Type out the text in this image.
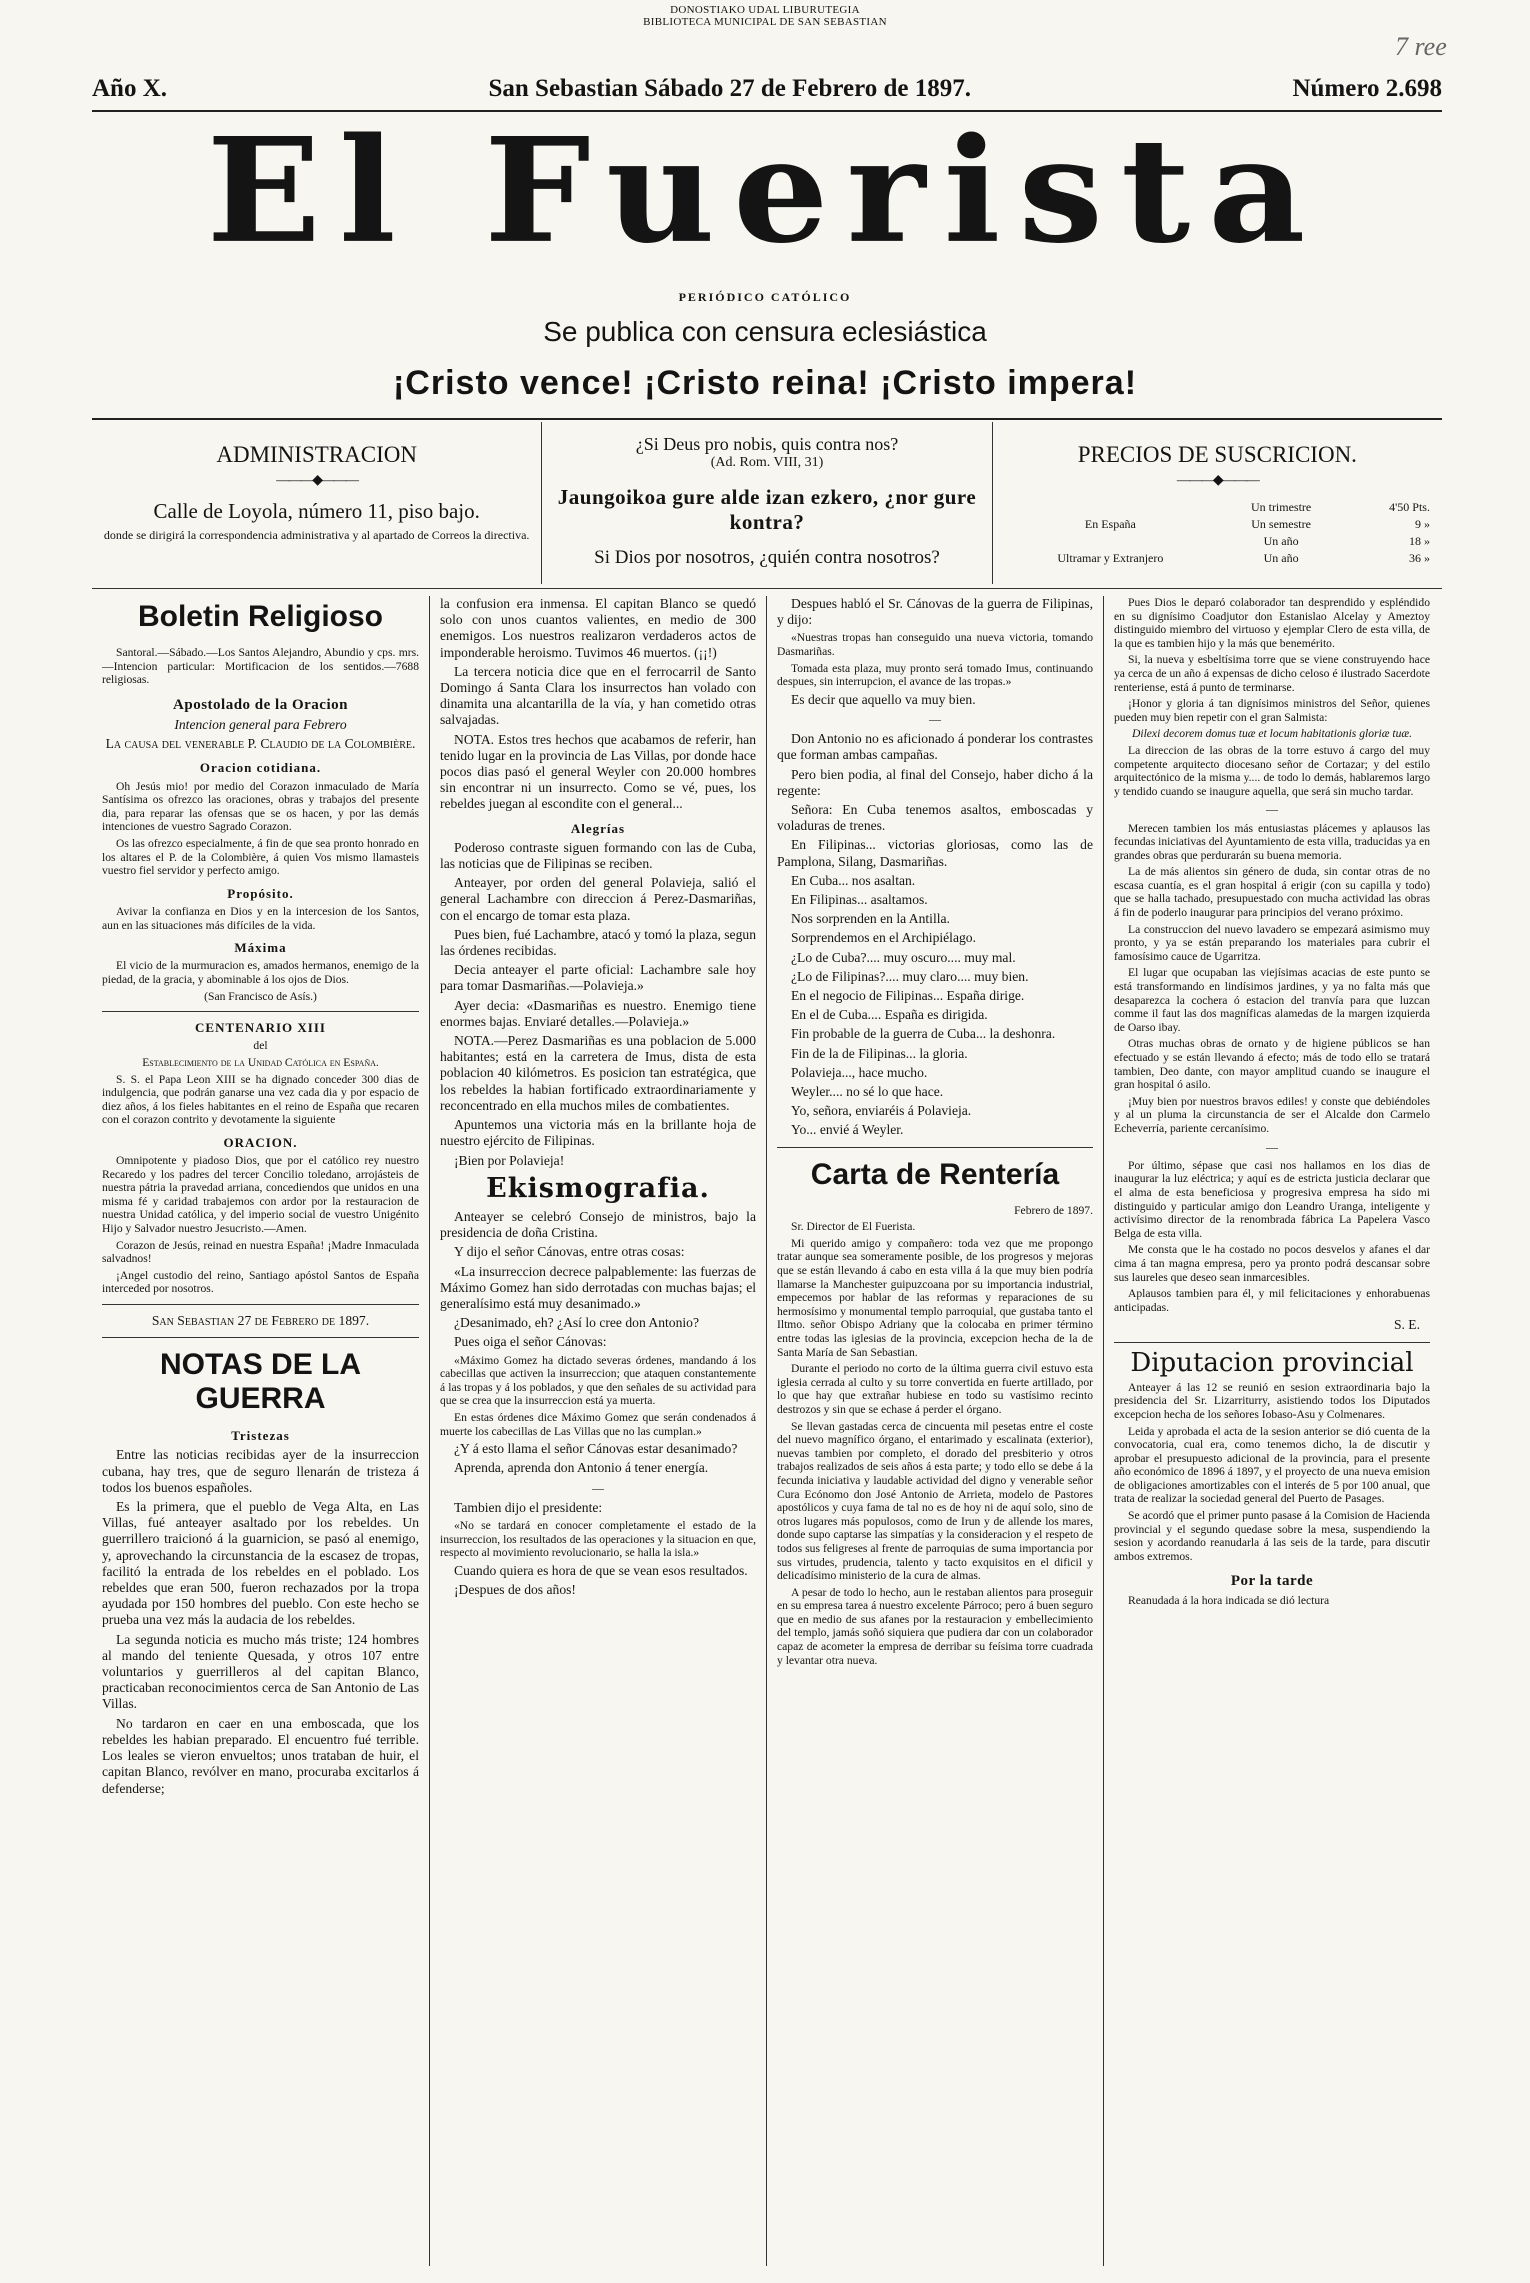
DONOSTIAKO UDAL LIBURUTEGIA
BIBLIOTECA MUNICIPAL DE SAN SEBASTIAN
7 ree
Año X.	San Sebastian Sábado 27 de Febrero de 1897.	Número 2.698
El Fuerista
PERIÓDICO CATÓLICO
Se publica con censura eclesiástica
¡Cristo vence! ¡Cristo reina! ¡Cristo impera!
ADMINISTRACION
———◆———
Calle de Loyola, número 11, piso bajo.
donde se dirigirá la correspondencia administrativa y al apartado de Correos la directiva.
¿Si Deus pro nobis, quis contra nos?
(Ad. Rom. VIII, 31)
Jaungoikoa gure alde izan ezkero, ¿nor gure kontra?
Si Dios por nosotros, ¿quién contra nosotros?
PRECIOS DE SUSCRICION.
———◆———
	Un trimestre	4'50 Pts.
En España	Un semestre	9 »
	Un año	18 »
Ultramar y Extranjero	Un año	36 »
Boletin Religioso

Santoral.—Sábado.—Los Santos Alejandro, Abundio y cps. mrs.—Intencion particular: Mortificacion de los sentidos.—7688 religiosas.

Apostolado de la Oracion
Intencion general para Febrero
La causa del venerable P. Claudio de la Colombière.
Oracion cotidiana.

Oh Jesús mio! por medio del Corazon inmaculado de María Santísima os ofrezco las oraciones, obras y trabajos del presente dia, para reparar las ofensas que se os hacen, y por las demás intenciones de vuestro Sagrado Corazon.

Os las ofrezco especialmente, á fin de que sea pronto honrado en los altares el P. de la Colombière, á quien Vos mismo llamasteis vuestro fiel servidor y perfecto amigo.

Propósito.

Avivar la confianza en Dios y en la intercesion de los Santos, aun en las situaciones más difíciles de la vida.

Máxima

El vicio de la murmuracion es, amados hermanos, enemigo de la piedad, de la gracia, y abominable á los ojos de Dios.

(San Francisco de Asís.)

CENTENARIO XIII

del

Establecimiento de la Unidad Católica en España.

S. S. el Papa Leon XIII se ha dignado conceder 300 dias de indulgencia, que podrán ganarse una vez cada dia y por espacio de diez años, á los fieles habitantes en el reino de España que recaren con el corazon contrito y devotamente la siguiente

ORACION.

Omnipotente y piadoso Dios, que por el católico rey nuestro Recaredo y los padres del tercer Concilio toledano, arrojásteis de nuestra pátria la pravedad arriana, concediendos que unidos en una misma fé y caridad trabajemos con ardor por la restauracion de nuestra Unidad católica, y del imperio social de vuestro Unigénito Hijo y Salvador nuestro Jesucristo.—Amen.

Corazon de Jesús, reinad en nuestra España! ¡Madre Inmaculada salvadnos!

¡Angel custodio del reino, Santiago apóstol Santos de España interceded por nosotros.

San Sebastian 27 de Febrero de 1897.

NOTAS DE LA GUERRA
Tristezas

Entre las noticias recibidas ayer de la insurreccion cubana, hay tres, que de seguro llenarán de tristeza á todos los buenos españoles.

Es la primera, que el pueblo de Vega Alta, en Las Villas, fué anteayer asaltado por los rebeldes. Un guerrillero traicionó á la guarnicion, se pasó al enemigo, y, aprovechando la circunstancia de la escasez de tropas, facilitó la entrada de los rebeldes en el poblado. Los rebeldes que eran 500, fueron rechazados por la tropa ayudada por 150 hombres del pueblo. Con este hecho se prueba una vez más la audacia de los rebeldes.

La segunda noticia es mucho más triste; 124 hombres al mando del teniente Quesada, y otros 107 entre voluntarios y guerrilleros al del capitan Blanco, practicaban reconocimientos cerca de San Antonio de Las Villas.

No tardaron en caer en una emboscada, que los rebeldes les habian preparado. El encuentro fué terrible. Los leales se vieron envueltos; unos trataban de huir, el capitan Blanco, revólver en mano, procuraba excitarlos á defenderse;

la confusion era inmensa. El capitan Blanco se quedó solo con unos cuantos valientes, en medio de 300 enemigos. Los nuestros realizaron verdaderos actos de imponderable heroismo. Tuvimos 46 muertos. (¡¡!)

La tercera noticia dice que en el ferrocarril de Santo Domingo á Santa Clara los insurrectos han volado con dinamita una alcantarilla de la vía, y han cometido otras salvajadas.

NOTA. Estos tres hechos que acabamos de referir, han tenido lugar en la provincia de Las Villas, por donde hace pocos dias pasó el general Weyler con 20.000 hombres sin encontrar ni un insurrecto. Como se vé, pues, los rebeldes juegan al escondite con el general...

Alegrías

Poderoso contraste siguen formando con las de Cuba, las noticias que de Filipinas se reciben.

Anteayer, por orden del general Polavieja, salió el general Lachambre con direccion á Perez-Dasmariñas, con el encargo de tomar esta plaza.

Pues bien, fué Lachambre, atacó y tomó la plaza, segun las órdenes recibidas.

Decia anteayer el parte oficial: Lachambre sale hoy para tomar Dasmariñas.—Polavieja.»

Ayer decia: «Dasmariñas es nuestro. Enemigo tiene enormes bajas. Enviaré detalles.—Polavieja.»

NOTA.—Perez Dasmariñas es una poblacion de 5.000 habitantes; está en la carretera de Imus, dista de esta poblacion 40 kilómetros. Es posicion tan estratégica, que los rebeldes la habian fortificado extraordinariamente y reconcentrado en ella muchos miles de combatientes.

Apuntemos una victoria más en la brillante hoja de nuestro ejército de Filipinas.

¡Bien por Polavieja!

Ekismografia.

Anteayer se celebró Consejo de ministros, bajo la presidencia de doña Cristina.

Y dijo el señor Cánovas, entre otras cosas:

«La insurreccion decrece palpablemente: las fuerzas de Máximo Gomez han sido derrotadas con muchas bajas; el generalísimo está muy desanimado.»

¿Desanimado, eh? ¿Así lo cree don Antonio?

Pues oiga el señor Cánovas:

«Máximo Gomez ha dictado severas órdenes, mandando á los cabecillas que activen la insurreccion; que ataquen constantemente á las tropas y á los poblados, y que den señales de su actividad para que se crea que la insurreccion está ya muerta.

En estas órdenes dice Máximo Gomez que serán condenados á muerte los cabecillas de Las Villas que no las cumplan.»

¿Y á esto llama el señor Cánovas estar desanimado?

Aprenda, aprenda don Antonio á tener energía.

—

Tambien dijo el presidente:

«No se tardará en conocer completamente el estado de la insurreccion, los resultados de las operaciones y la situacion en que, respecto al movimiento revolucionario, se halla la isla.»

Cuando quiera es hora de que se vean esos resultados.

¡Despues de dos años!

Despues habló el Sr. Cánovas de la guerra de Filipinas, y dijo:

«Nuestras tropas han conseguido una nueva victoria, tomando Dasmariñas.

Tomada esta plaza, muy pronto será tomado Imus, continuando despues, sin interrupcion, el avance de las tropas.»

Es decir que aquello va muy bien.

—

Don Antonio no es aficionado á ponderar los contrastes que forman ambas campañas.

Pero bien podia, al final del Consejo, haber dicho á la regente:

Señora: En Cuba tenemos asaltos, emboscadas y voladuras de trenes.

En Filipinas... victorias gloriosas, como las de Pamplona, Silang, Dasmariñas.

En Cuba... nos asaltan.

En Filipinas... asaltamos.

Nos sorprenden en la Antilla.

Sorprendemos en el Archipiélago.

¿Lo de Cuba?.... muy oscuro.... muy mal.

¿Lo de Filipinas?.... muy claro.... muy bien.

En el negocio de Filipinas... España dirige.

En el de Cuba.... España es dirigida.

Fin probable de la guerra de Cuba... la deshonra.

Fin de la de Filipinas... la gloria.

Polavieja..., hace mucho.

Weyler.... no sé lo que hace.

Yo, señora, enviaréis á Polavieja.

Yo... envié á Weyler.

Carta de Rentería

Febrero de 1897.

Sr. Director de El Fuerista.

Mi querido amigo y compañero: toda vez que me propongo tratar aunque sea someramente posible, de los progresos y mejoras que se están llevando á cabo en esta villa á la que muy bien podría llamarse la Manchester guipuzcoana por su importancia industrial, empecemos por hablar de las reformas y reparaciones de su hermosísimo y monumental templo parroquial, que gustaba tanto el Iltmo. señor Obispo Adriany que la colocaba en primer término entre todas las iglesias de la provincia, excepcion hecha de la de Santa María de San Sebastian.

Durante el periodo no corto de la última guerra civil estuvo esta iglesia cerrada al culto y su torre convertida en fuerte artillado, por lo que hay que extrañar hubiese en todo su vastísimo recinto destrozos y sin que se echase á perder el órgano.

Se llevan gastadas cerca de cincuenta mil pesetas entre el coste del nuevo magnífico órgano, el entarimado y escalinata (exterior), nuevas tambien por completo, el dorado del presbiterio y otros trabajos realizados de seis años á esta parte; y todo ello se debe á la fecunda iniciativa y laudable actividad del digno y venerable señor Cura Ecónomo don José Antonio de Arrieta, modelo de Pastores apostólicos y cuya fama de tal no es de hoy ni de aquí solo, sino de otros lugares más populosos, como de Irun y de allende los mares, donde supo captarse las simpatías y la consideracion y el respeto de todos sus feligreses al frente de parroquias de suma importancia por sus virtudes, prudencia, talento y tacto exquisitos en el dificil y delicadísimo ministerio de la cura de almas.

A pesar de todo lo hecho, aun le restaban alientos para proseguir en su empresa tarea á nuestro excelente Párroco; pero á buen seguro que en medio de sus afanes por la restauracion y embellecimiento del templo, jamás soñó siquiera que pudiera dar con un colaborador capaz de acometer la empresa de derribar su feísima torre cuadrada y levantar otra nueva.

Pues Dios le deparó colaborador tan desprendido y espléndido en su dignísimo Coadjutor don Estanislao Alcelay y Ameztoy distinguido miembro del virtuoso y ejemplar Clero de esta villa, de la que es tambien hijo y la más que benemérito.

Si, la nueva y esbeltísima torre que se viene construyendo hace ya cerca de un año á expensas de dicho celoso é ilustrado Sacerdote renteriense, está á punto de terminarse.

¡Honor y gloria á tan dignísimos ministros del Señor, quienes pueden muy bien repetir con el gran Salmista:

Dilexi decorem domus tuæ et locum habitationis gloriæ tuæ.

La direccion de las obras de la torre estuvo á cargo del muy competente arquitecto diocesano señor de Cortazar; y del estilo arquitectónico de la misma y.... de todo lo demás, hablaremos largo y tendido cuando se inaugure aquella, que será sin mucho tardar.

—

Merecen tambien los más entusiastas plácemes y aplausos las fecundas iniciativas del Ayuntamiento de esta villa, traducidas ya en grandes obras que perdurarán su buena memoria.

La de más alientos sin género de duda, sin contar otras de no escasa cuantía, es el gran hospital á erigir (con su capilla y todo) que se halla tachado, presupuestado con mucha actividad las obras á fin de poderlo inaugurar para principios del verano próximo.

La construccion del nuevo lavadero se empezará asimismo muy pronto, y ya se están preparando los materiales para cubrir el famosísimo cauce de Ugarritza.

El lugar que ocupaban las viejísimas acacias de este punto se está transformando en lindísimos jardines, y ya no falta más que desaparezca la cochera ó estacion del tranvía para que luzcan comme il faut las dos magníficas alamedas de la margen izquierda de Oarso ibay.

Otras muchas obras de ornato y de higiene públicos se han efectuado y se están llevando á efecto; más de todo ello se tratará tambien, Deo dante, con mayor amplitud cuando se inaugure el gran hospital ó asilo.

¡Muy bien por nuestros bravos ediles! y conste que debiéndoles y al un pluma la circunstancia de ser el Alcalde don Carmelo Echeverría, pariente cercanísimo.

—

Por último, sépase que casi nos hallamos en los dias de inaugurar la luz eléctrica; y aquí es de estricta justicia declarar que el alma de esta beneficiosa y progresiva empresa ha sido mi distinguido y particular amigo don Leandro Uranga, inteligente y activísimo director de la renombrada fábrica La Papelera Vasco Belga de esta villa.

Me consta que le ha costado no pocos desvelos y afanes el dar cima á tan magna empresa, pero ya pronto podrá descansar sobre sus laureles que deseo sean inmarcesibles.

Aplausos tambien para él, y mil felicitaciones y enhorabuenas anticipadas.

S. E.
Diputacion provincial

Anteayer á las 12 se reunió en sesion extraordinaria bajo la presidencia del Sr. Lizarriturry, asistiendo todos los Diputados excepcion hecha de los señores Iobaso-Asu y Colmenares.

Leida y aprobada el acta de la sesion anterior se dió cuenta de la convocatoria, cual era, como tenemos dicho, la de discutir y aprobar el presupuesto adicional de la provincia, para el presente año económico de 1896 á 1897, y el proyecto de una nueva emision de obligaciones amortizables con el interés de 5 por 100 anual, que trata de realizar la sociedad general del Puerto de Pasages.

Se acordó que el primer punto pasase á la Comision de Hacienda provincial y el segundo quedase sobre la mesa, suspendiendo la sesion y acordando reanudarla á las seis de la tarde, para discutir ambos extremos.

Por la tarde

Reanudada á la hora indicada se dió lectura
